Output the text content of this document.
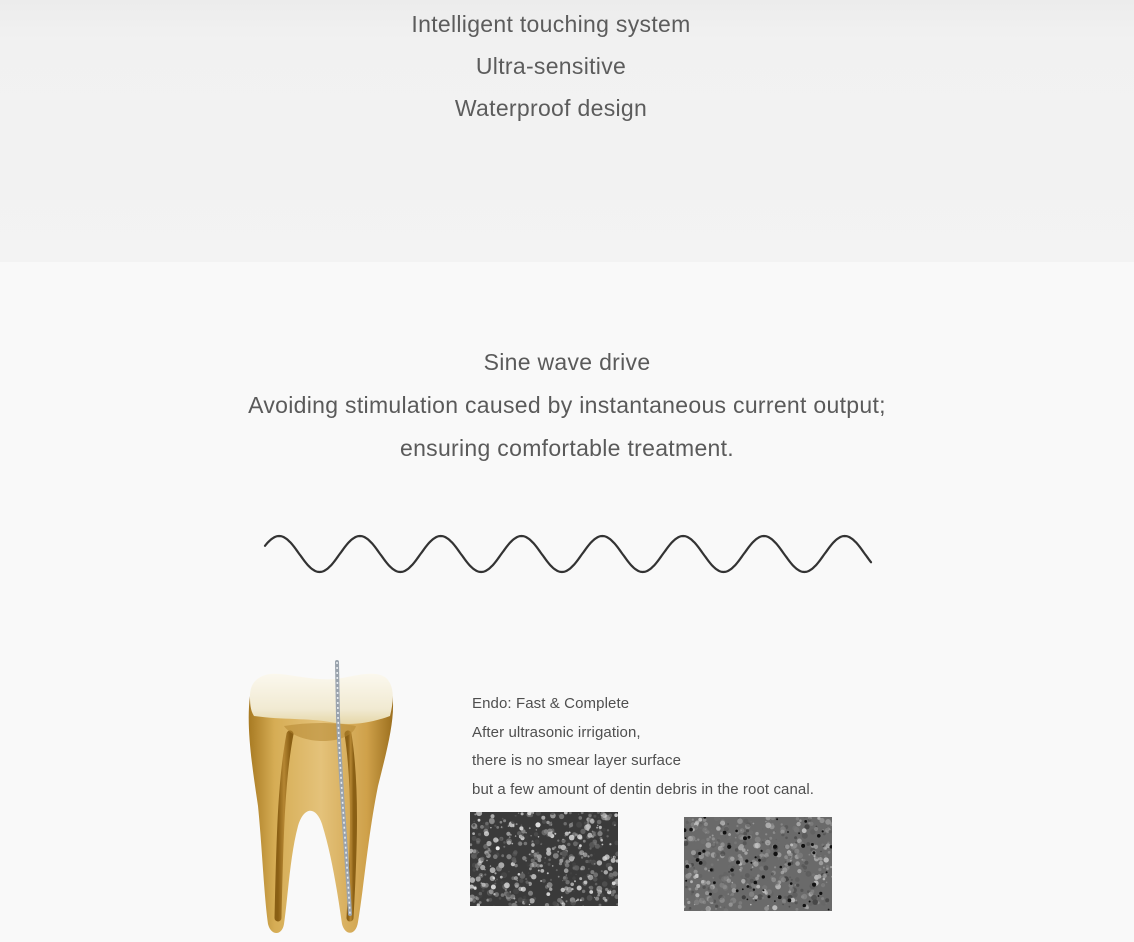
Intelligent touching system
Ultra-sensitive
Waterproof design
Sine wave drive
Avoiding stimulation caused by instantaneous current output;
ensuring comfortable treatment.
Endo: Fast & Complete
After ultrasonic irrigation,
there is no smear layer surface
but a few amount of dentin debris in the root canal.
